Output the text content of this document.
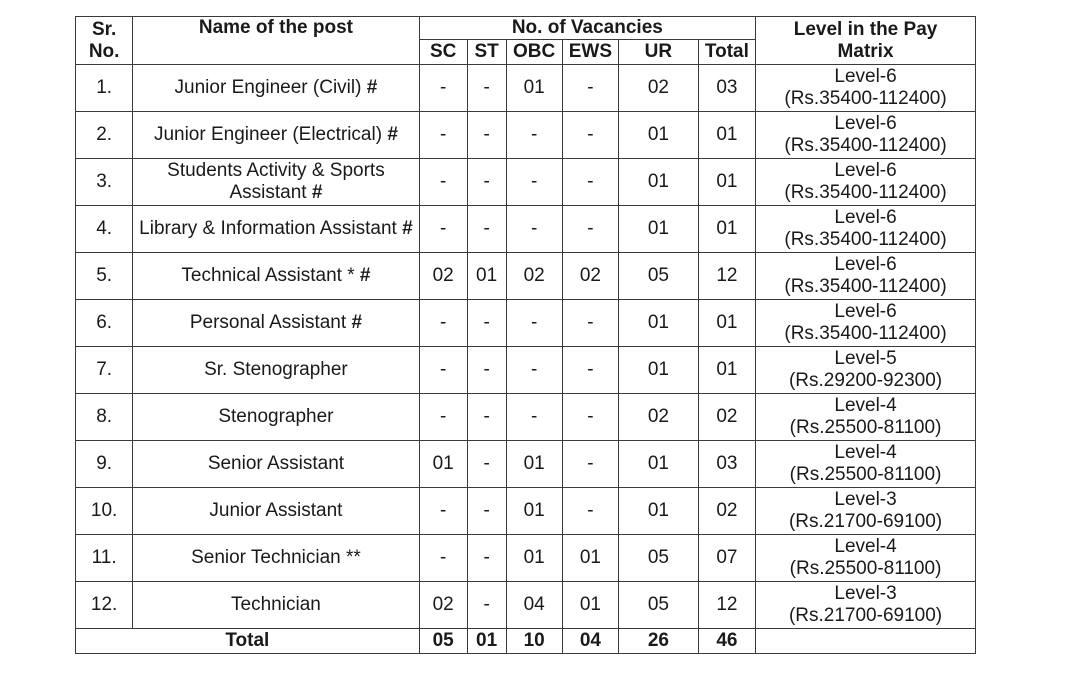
Sr.
No.	Name of the post	No. of Vacancies						Level in the Pay
Matrix
		SC	ST	OBC	EWS	UR	Total	
1.	Junior Engineer (Civil) #	-	-	01	-	02	03	Level-6
(Rs.35400-112400)
2.	Junior Engineer (Electrical) #	-	-	-	-	01	01	Level-6
(Rs.35400-112400)
3.	Students Activity & Sports Assistant #	-	-	-	-	01	01	Level-6
(Rs.35400-112400)
4.	Library & Information Assistant #	-	-	-	-	01	01	Level-6
(Rs.35400-112400)
5.	Technical Assistant * #	02	01	02	02	05	12	Level-6
(Rs.35400-112400)
6.	Personal Assistant #	-	-	-	-	01	01	Level-6
(Rs.35400-112400)
7.	Sr. Stenographer	-	-	-	-	01	01	Level-5
(Rs.29200-92300)
8.	Stenographer	-	-	-	-	02	02	Level-4
(Rs.25500-81100)
9.	Senior Assistant	01	-	01	-	01	03	Level-4
(Rs.25500-81100)
10.	Junior Assistant	-	-	01	-	01	02	Level-3
(Rs.21700-69100)
11.	Senior Technician **	-	-	01	01	05	07	Level-4
(Rs.25500-81100)
12.	Technician	02	-	04	01	05	12	Level-3
(Rs.21700-69100)
Total		05	01	10	04	26	46	
